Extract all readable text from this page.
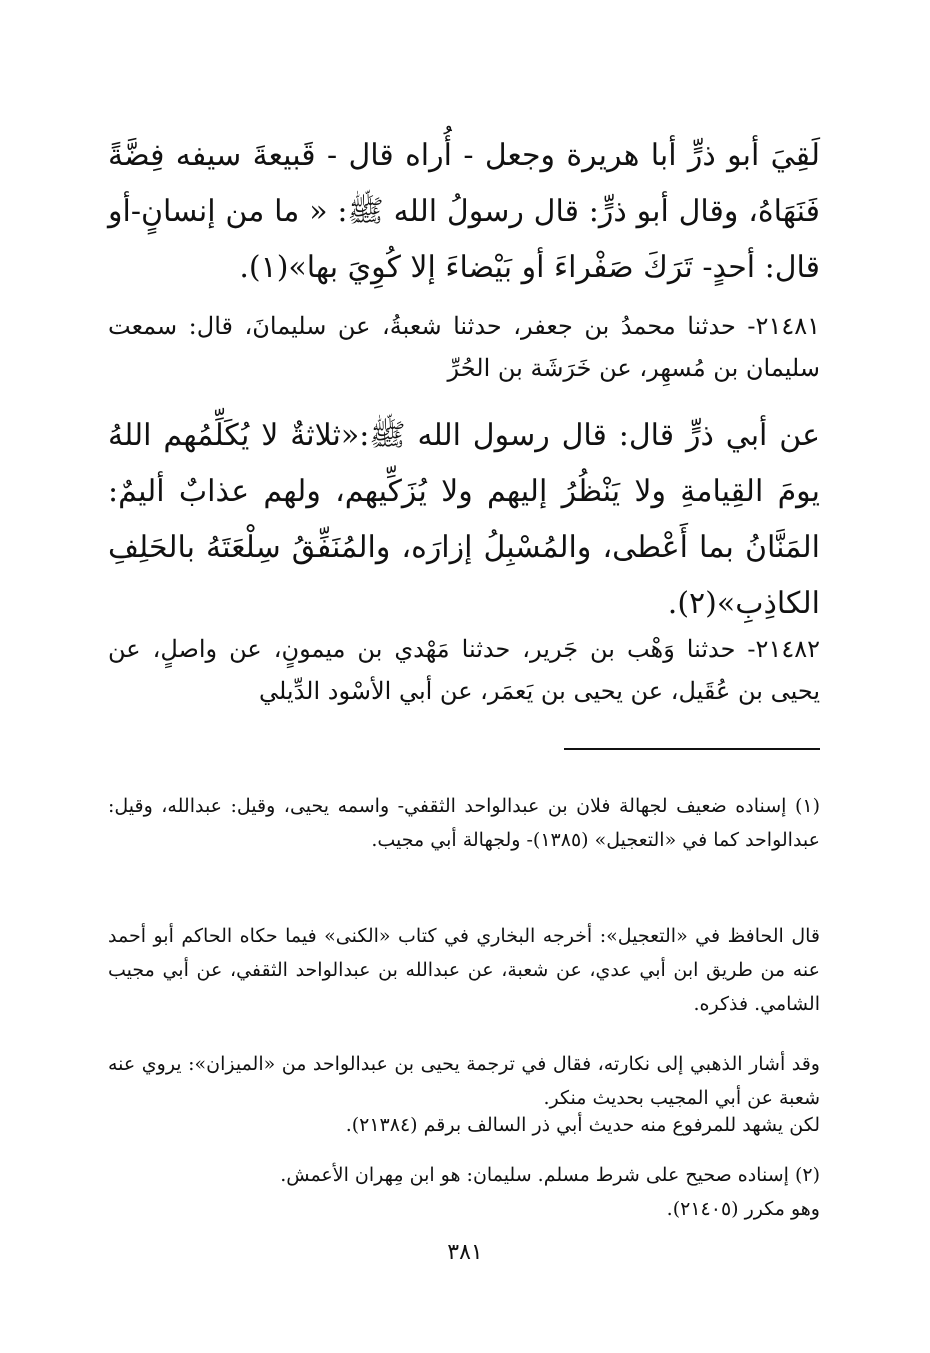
لَقِيَ أبو ذرٍّ أبا هريرة وجعل - أُراه قال - قَبيعةَ سيفه فِضَّةً فَنَهَاهُ، وقال أبو ذرٍّ: قال رسولُ الله ﷺ: « ما من إنسانٍ-أو قال: أحدٍ- تَرَكَ صَفْراءَ أو بَيْضاءَ إلا كُوِيَ بها»(١).

٢١٤٨١- حدثنا محمدُ بن جعفر، حدثنا شعبةُ، عن سليمانَ، قال: سمعت سليمان بن مُسهِر، عن خَرَشَة بن الحُرِّ

عن أبي ذرٍّ قال: قال رسول الله ﷺ:«ثلاثةٌ لا يُكَلِّمُهم اللهُ يومَ القِيامةِ ولا يَنْظُرُ إليهم ولا يُزَكِّيهم، ولهم عذابٌ أليمٌ: المَنَّانُ بما أَعْطى، والمُسْبِلُ إزارَه، والمُنَفِّقُ سِلْعَتَهُ بالحَلِفِ الكاذِبِ»(٢).

٢١٤٨٢- حدثنا وَهْب بن جَرير، حدثنا مَهْدي بن ميمونٍ، عن واصلٍ، عن يحيى بن عُقَيل، عن يحيى بن يَعمَر، عن أبي الأسْود الدِّيلي

(١) إسناده ضعيف لجهالة فلان بن عبدالواحد الثقفي- واسمه يحيى، وقيل: عبدالله، وقيل: عبدالواحد كما في «التعجيل» (١٣٨٥)- ولجهالة أبي مجيب.

قال الحافظ في «التعجيل»: أخرجه البخاري في كتاب «الكنى» فيما حكاه الحاكم أبو أحمد عنه من طريق ابن أبي عدي، عن شعبة، عن عبدالله بن عبدالواحد الثقفي، عن أبي مجيب الشامي. فذكره.

وقد أشار الذهبي إلى نكارته، فقال في ترجمة يحيى بن عبدالواحد من «الميزان»: يروي عنه شعبة عن أبي المجيب بحديث منكر.

لكن يشهد للمرفوع منه حديث أبي ذر السالف برقم (٢١٣٨٤).
(٢) إسناده صحيح على شرط مسلم. سليمان: هو ابن مِهران الأعمش.
وهو مكرر (٢١٤٠٥).
٣٨١
